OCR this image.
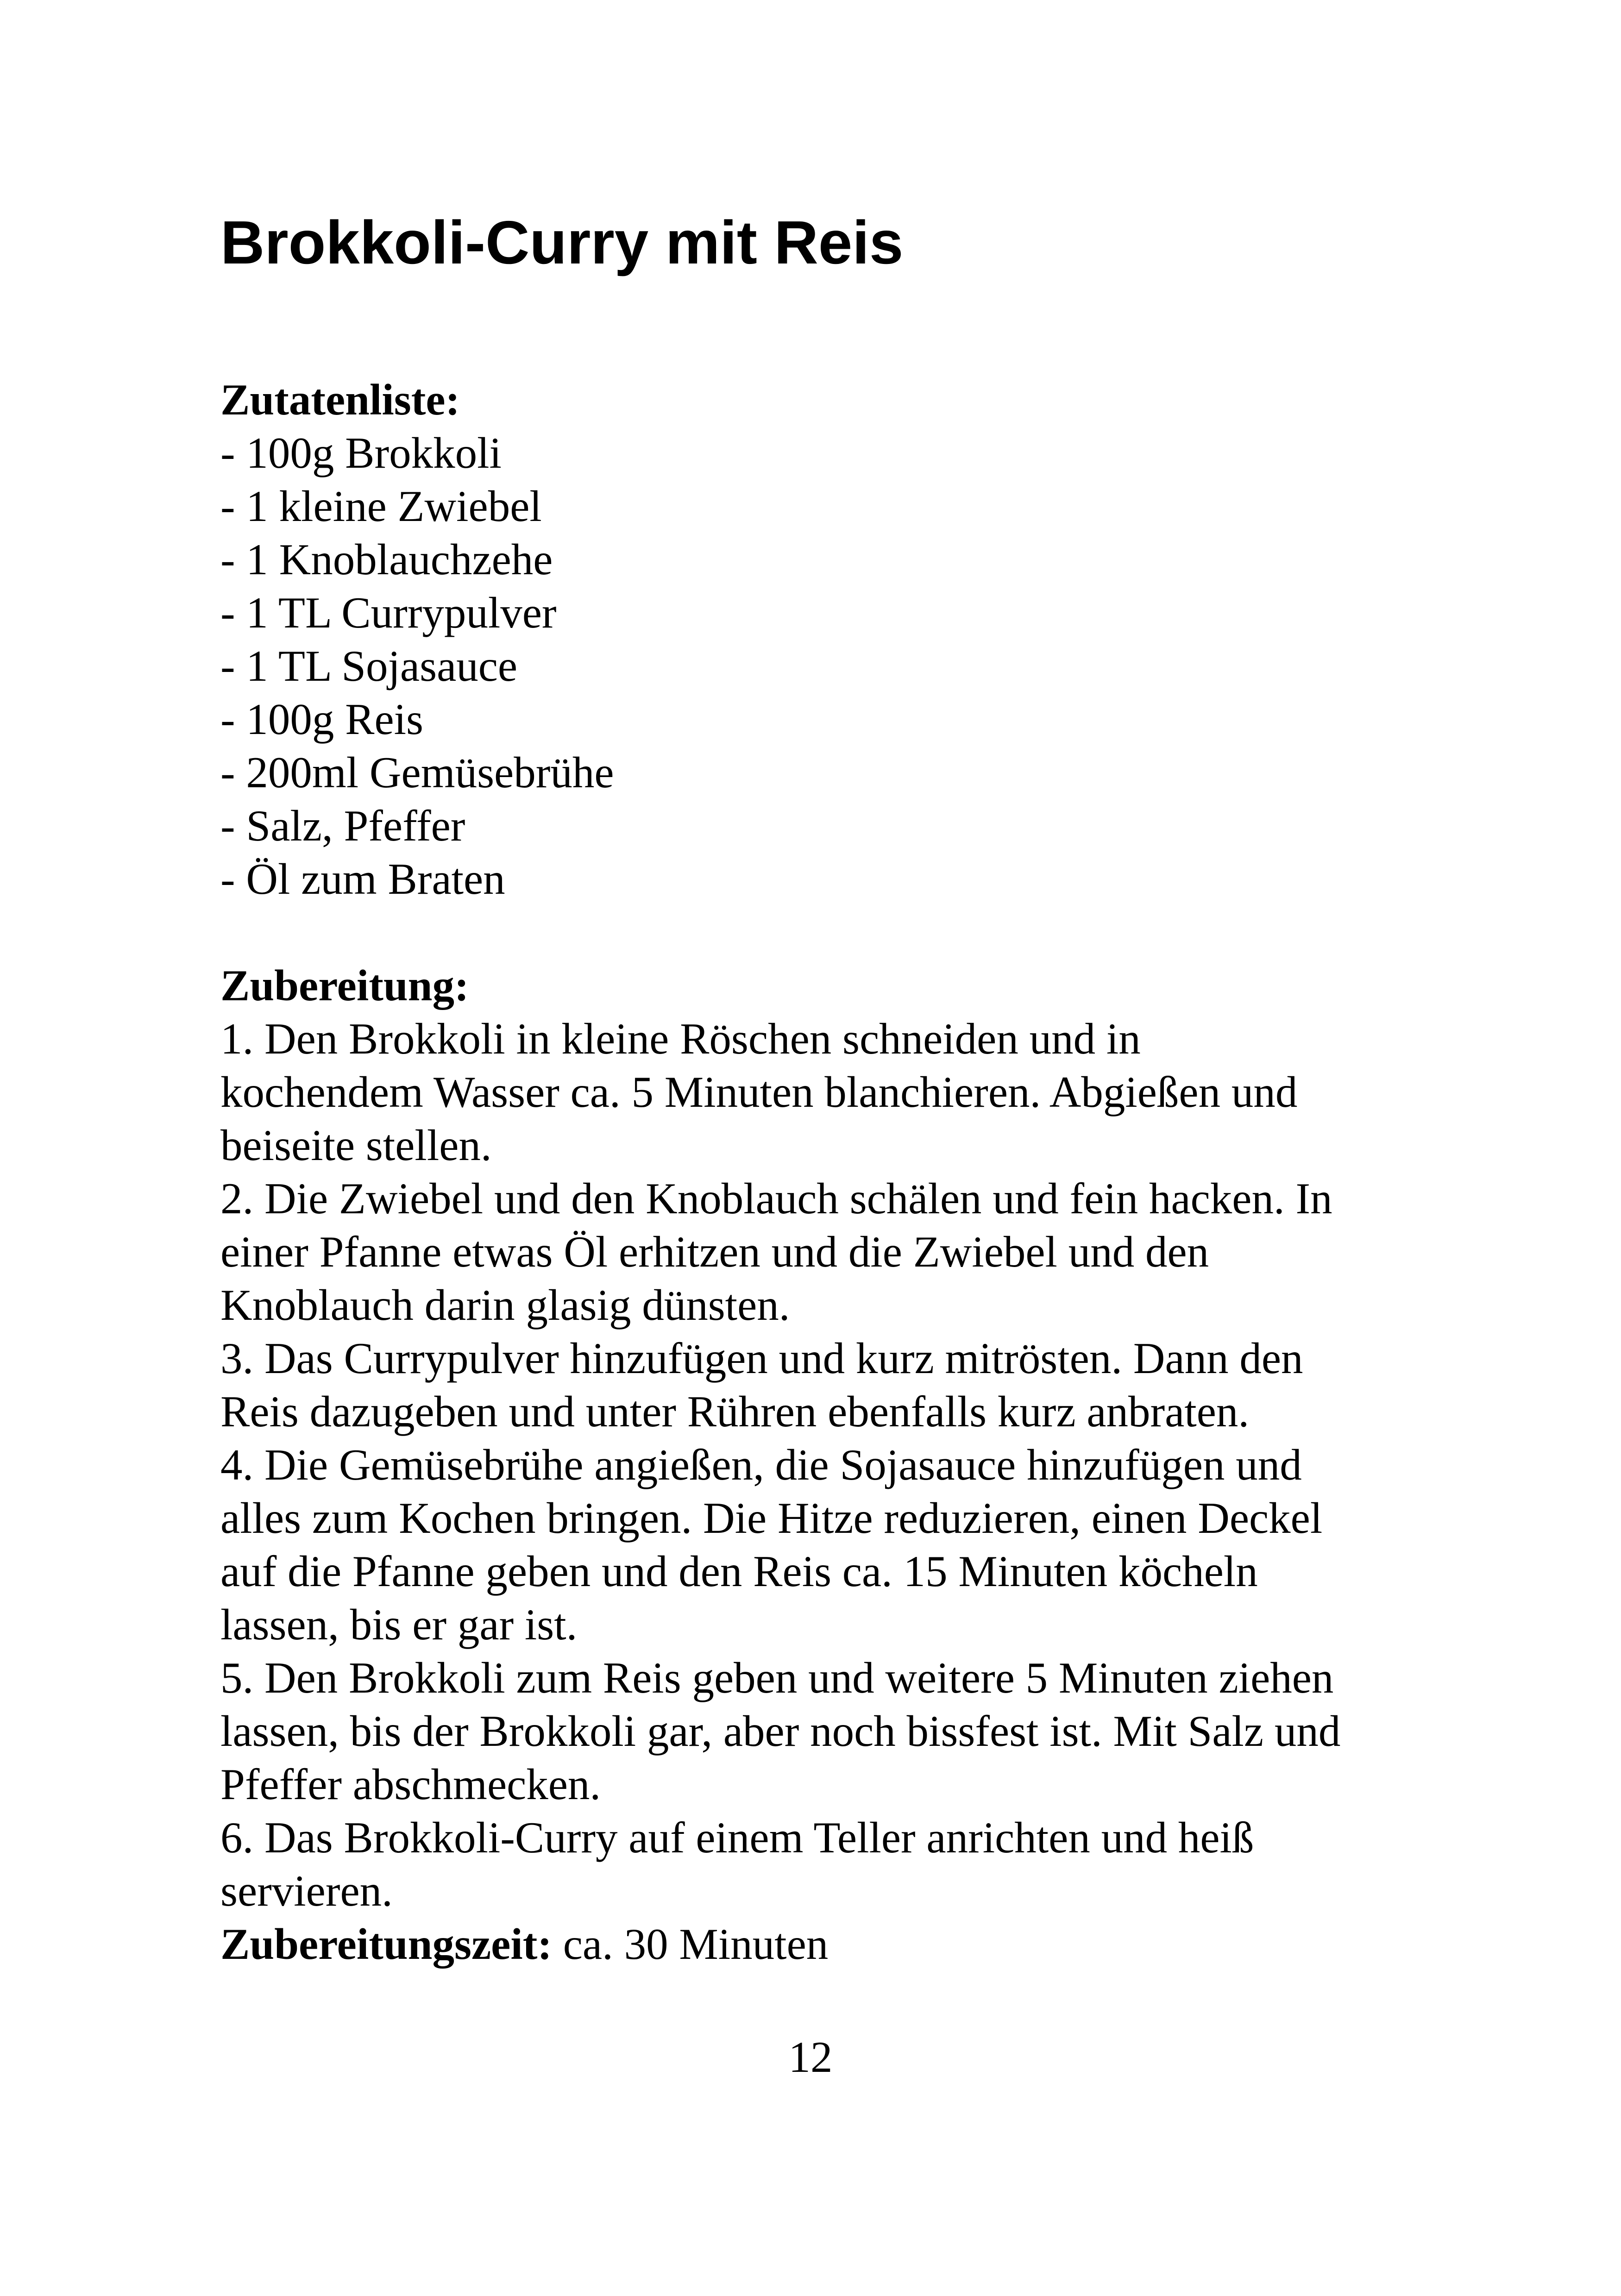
Brokkoli-Curry mit Reis
Zutatenliste:
- 100g Brokkoli
- 1 kleine Zwiebel
- 1 Knoblauchzehe
- 1 TL Currypulver
- 1 TL Sojasauce
- 100g Reis
- 200ml Gemüsebrühe
- Salz, Pfeffer
- Öl zum Braten
Zubereitung:
1. Den Brokkoli in kleine Röschen schneiden und in
kochendem Wasser ca. 5 Minuten blanchieren. Abgießen und
beiseite stellen.
2. Die Zwiebel und den Knoblauch schälen und fein hacken. In
einer Pfanne etwas Öl erhitzen und die Zwiebel und den
Knoblauch darin glasig dünsten.
3. Das Currypulver hinzufügen und kurz mitrösten. Dann den
Reis dazugeben und unter Rühren ebenfalls kurz anbraten.
4. Die Gemüsebrühe angießen, die Sojasauce hinzufügen und
alles zum Kochen bringen. Die Hitze reduzieren, einen Deckel
auf die Pfanne geben und den Reis ca. 15 Minuten köcheln
lassen, bis er gar ist.
5. Den Brokkoli zum Reis geben und weitere 5 Minuten ziehen
lassen, bis der Brokkoli gar, aber noch bissfest ist. Mit Salz und
Pfeffer abschmecken.
6. Das Brokkoli-Curry auf einem Teller anrichten und heiß
servieren.
Zubereitungszeit: ca. 30 Minuten
12
